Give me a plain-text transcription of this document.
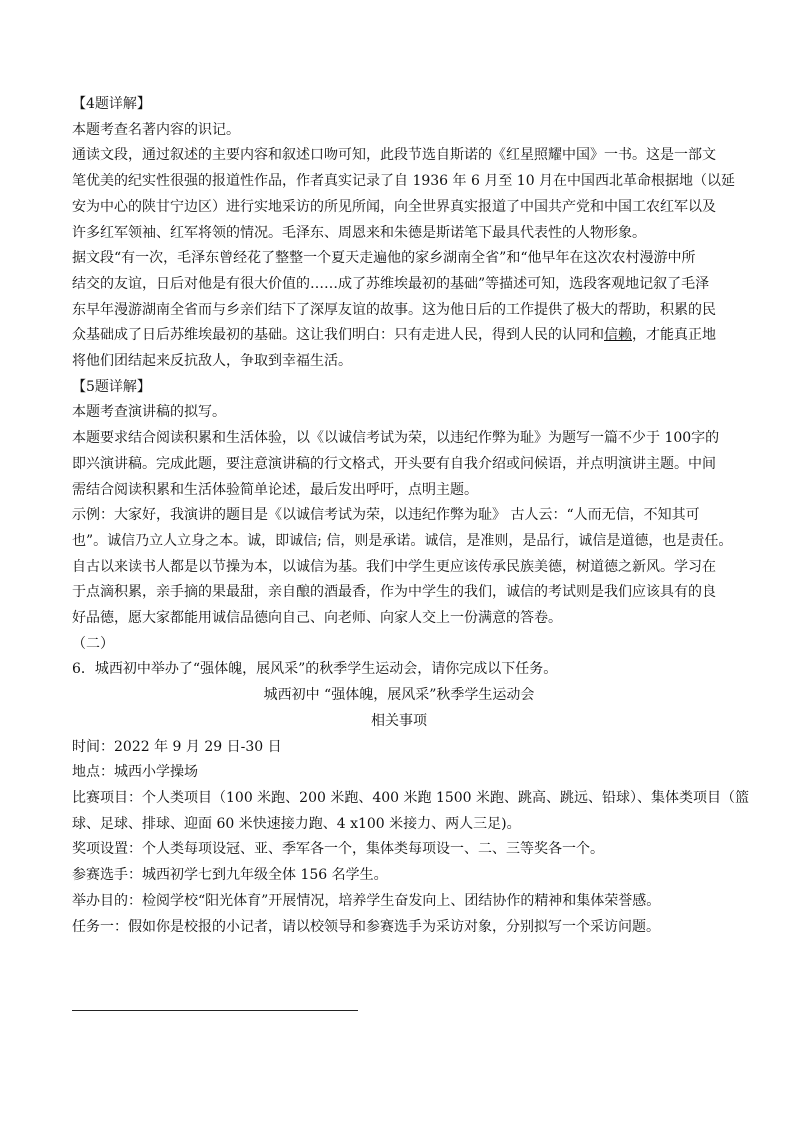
【4题详解】

本题考查名著内容的识记。

通读文段，通过叙述的主要内容和叙述口吻可知，此段节选自斯诺的《红星照耀中国》一书。这是一部文

笔优美的纪实性很强的报道性作品，作者真实记录了自 1936 年 6 月至 10 月在中国西北革命根据地（以延

安为中心的陕甘宁边区）进行实地采访的所见所闻，向全世界真实报道了中国共产党和中国工农红军以及

许多红军领袖、红军将领的情况。毛泽东、周恩来和朱德是斯诺笔下最具代表性的人物形象。

据文段“有一次，毛泽东曾经花了整整一个夏天走遍他的家乡湖南全省”和“他早年在这次农村漫游中所

结交的友谊，日后对他是有很大价值的……成了苏维埃最初的基础”等描述可知，选段客观地记叙了毛泽

东早年漫游湖南全省而与乡亲们结下了深厚友谊的故事。这为他日后的工作提供了极大的帮助，积累的民

众基础成了日后苏维埃最初的基础。这让我们明白：只有走进人民，得到人民的认同和信赖，才能真正地

将他们团结起来反抗敌人，争取到幸福生活。

【5题详解】

本题考查演讲稿的拟写。

本题要求结合阅读积累和生活体验，以《以诚信考试为荣，以违纪作弊为耻》为题写一篇不少于 100字的

即兴演讲稿。完成此题，要注意演讲稿的行文格式，开头要有自我介绍或问候语，并点明演讲主题。中间

需结合阅读积累和生活体验简单论述，最后发出呼吁，点明主题。

示例：大家好，我演讲的题目是《以诚信考试为荣，以违纪作弊为耻》 古人云：“人而无信，不知其可

也”。诚信乃立人立身之本。诚，即诚信; 信，则是承诺。诚信，是准则，是品行，诚信是道德，也是责任。

自古以来读书人都是以节操为本，以诚信为基。我们中学生更应该传承民族美德，树道德之新风。学习在

于点滴积累，亲手摘的果最甜，亲自酿的酒最香，作为中学生的我们，诚信的考试则是我们应该具有的良

好品德，愿大家都能用诚信品德向自己、向老师、向家人交上一份满意的答卷。

（二）

6．城西初中举办了“强体魄，展风采”的秋季学生运动会，请你完成以下任务。

城西初中 “强体魄，展风采”秋季学生运动会

相关事项

时间：2022 年 9 月 29 日-30 日

地点：城西小学操场

比赛项目：个人类项目（100 米跑、200 米跑、400 米跑 1500 米跑、跳高、跳远、铅球）、集体类项目（篮

球、足球、排球、迎面 60 米快速接力跑、4 x100 米接力、两人三足)。

奖项设置：个人类每项设冠、亚、季军各一个，集体类每项设一、二、三等奖各一个。

参赛选手：城西初学七到九年级全体 156 名学生。

举办目的：检阅学校“阳光体育”开展情况，培养学生奋发向上、团结协作的精神和集体荣誉感。

任务一：假如你是校报的小记者，请以校领导和参赛选手为采访对象，分别拟写一个采访问题。
